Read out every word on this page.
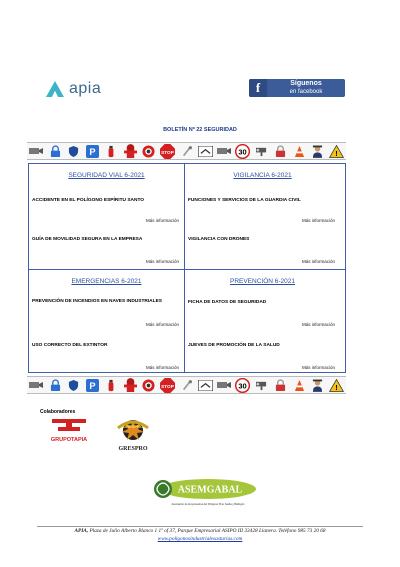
apia	f	Síguenos
en facebook
BOLETÍN Nº 22 SEGURIDAD
P	STOP	30	!
SEGURIDAD VIAL 6-2021
ACCIDENTE EN EL POLÍGONO ESPÍRITU SANTO
Más información
GUÍA DE MOVILIDAD SEGURA EN LA EMPRESA
Más información
VIGILANCIA 6-2021
FUNCIONES Y SERVICIOS DE LA GUARDIA CIVIL
Más información
VIGILANCIA CON DRONES
Más información
EMERGENCIAS 6-2021
PREVENCIÓN DE INCENDIOS EN NAVES INDUSTRIALES
Más información
USO CORRECTO DEL EXTINTOR
Más información
PREVENCIÓN 6-2021
FICHA DE DATOS DE SEGURIDAD
Más información
JUEVES DE PROMOCIÓN DE LA SALUD
Más información
P	STOP	30	!
Colaboradores
GRUPOTAPIA
GRESPRO
GRESPRO
ASEMGABAL
Asociación de Empresarios del Polígono Pino Sarda y Balbigón
APIA, Plaza de Julio Alberto Blanco 1 1º of 37, Parque Empresarial ASIPO III 33428 Llanera. Teléfono 985 73 20 68
www.poligonosindustrialesasturias.com
